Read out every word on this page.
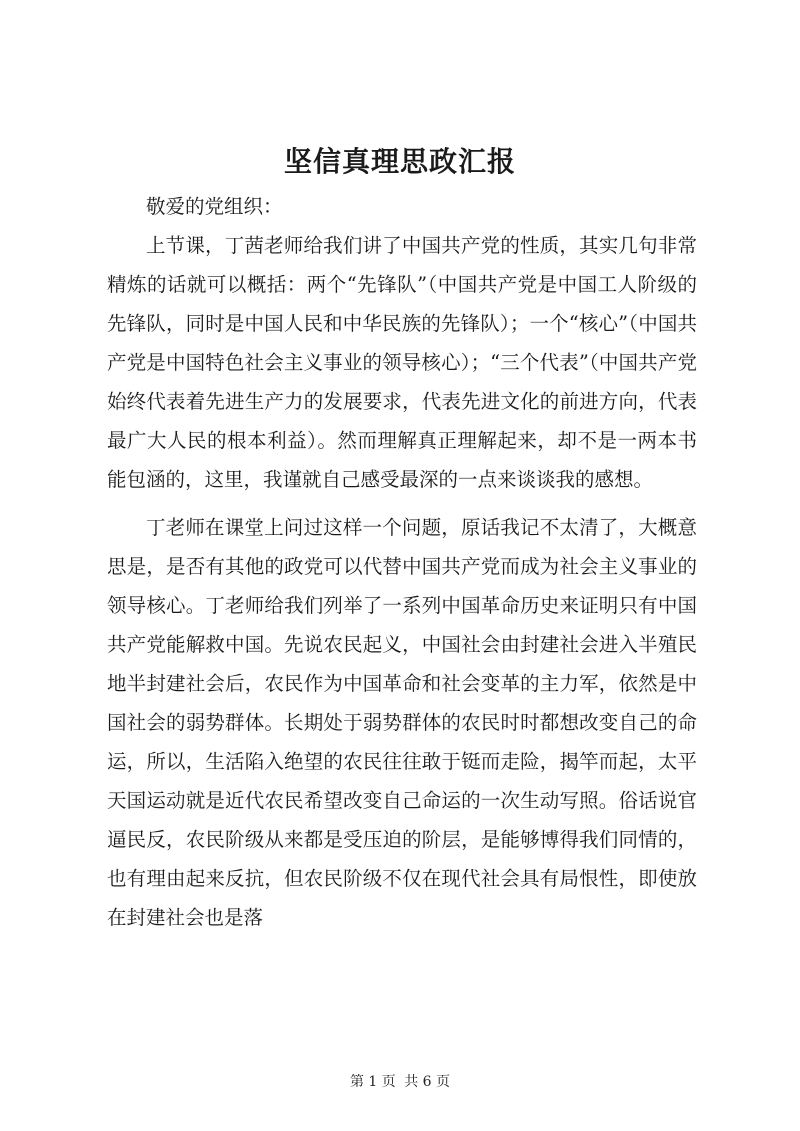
坚信真理思政汇报

敬爱的党组织：

上节课，丁茜老师给我们讲了中国共产党的性质，其实几句非常精炼的话就可以概括：两个“先锋队”（中国共产党是中国工人阶级的先锋队，同时是中国人民和中华民族的先锋队）；一个“核心”（中国共产党是中国特色社会主义事业的领导核心）；“三个代表”（中国共产党始终代表着先进生产力的发展要求，代表先进文化的前进方向，代表最广大人民的根本利益）。然而理解真正理解起来，却不是一两本书能包涵的，这里，我谨就自己感受最深的一点来谈谈我的感想。

丁老师在课堂上问过这样一个问题，原话我记不太清了，大概意思是，是否有其他的政党可以代替中国共产党而成为社会主义事业的领导核心。丁老师给我们列举了一系列中国革命历史来证明只有中国共产党能解救中国。先说农民起义，中国社会由封建社会进入半殖民地半封建社会后，农民作为中国革命和社会变革的主力军，依然是中国社会的弱势群体。长期处于弱势群体的农民时时都想改变自己的命运，所以，生活陷入绝望的农民往往敢于铤而走险，揭竿而起，太平天国运动就是近代农民希望改变自己命运的一次生动写照。俗话说官逼民反，农民阶级从来都是受压迫的阶层，是能够博得我们同情的，也有理由起来反抗，但农民阶级不仅在现代社会具有局恨性，即使放在封建社会也是落

第 1 页 共 6 页
